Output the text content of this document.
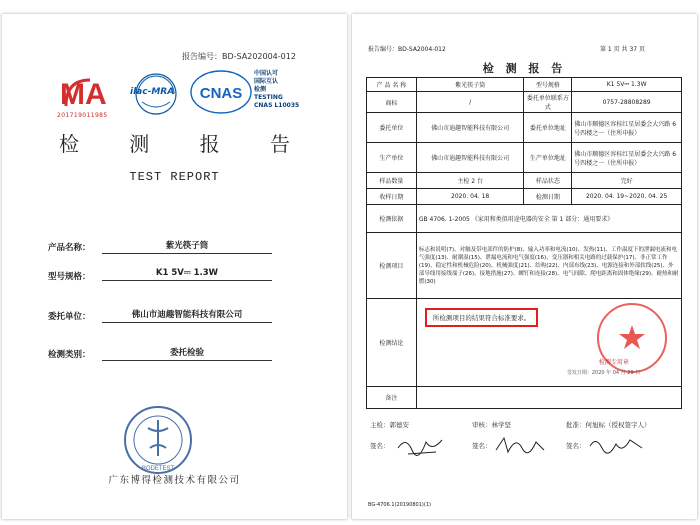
报告编号：BD-SA202004-012
MA
201719011985
ilac-MRA CNAS
中国认可
国际互认
检测
TESTING
CNAS L10035
检 测 报 告
TEST REPORT
产品名称：	紫光筷子筒
型号规格：	K1 5V⎓ 1.3W
委托单位：	佛山市迪趣智能科技有限公司
检测类别：	委托检验
BODETEST
广东博得检测技术有限公司
报告编号：BD-SA2004-012	第 1 页 共 37 页
检 测 报 告
产 品 名 称	紫光筷子筒	型号规格	K1 5V⎓ 1.3W
商标	/	委托单位联系方式	0757-28808289
委托单位	佛山市迪趣智能科技有限公司	委托单位地址	佛山市顺德区容桂红星居委会大兴路 6 号四楼之一（住所申报）
生产单位	佛山市迪趣智能科技有限公司	生产单位地址	佛山市顺德区容桂红星居委会大兴路 6 号四楼之一（住所申报）
样品数量	主检 2 台	样品状态	完好
收样日期	2020. 04. 18	检测日期	2020. 04. 19~2020. 04. 25
检测依据	GB 4706. 1-2005 《家用和类似用途电器的安全 第 1 部分：通用要求》		
检测项目	标志和说明(7)、对触及带电部件的防护(8)、输入功率和电流(10)、发热(11)、工作温度下的泄漏电流和电气强度(13)、耐潮湿(15)、泄漏电流和电气强度(16)、变压器和相关电路的过载保护(17)、非正常工作(19)、稳定性和机械危险(20)、机械强度(21)、结构(22)、内部布线(23)、电源连接和外部软线(25)、外部导线用接线端子(26)、接地措施(27)、螺钉和连接(28)、电气间隙、爬电距离和固体绝缘(29)、耐热和耐燃(30)		
检测结论	所检测项目的结果符合标准要求。
检测专用章
签发日期：2020 年 04 月 29 日		

备注			
主检：郭德安
签名：
审核：林学坚
签名：
批准：何旭标（授权签字人）
签名：
BG-4706.1(20190801)(1)
